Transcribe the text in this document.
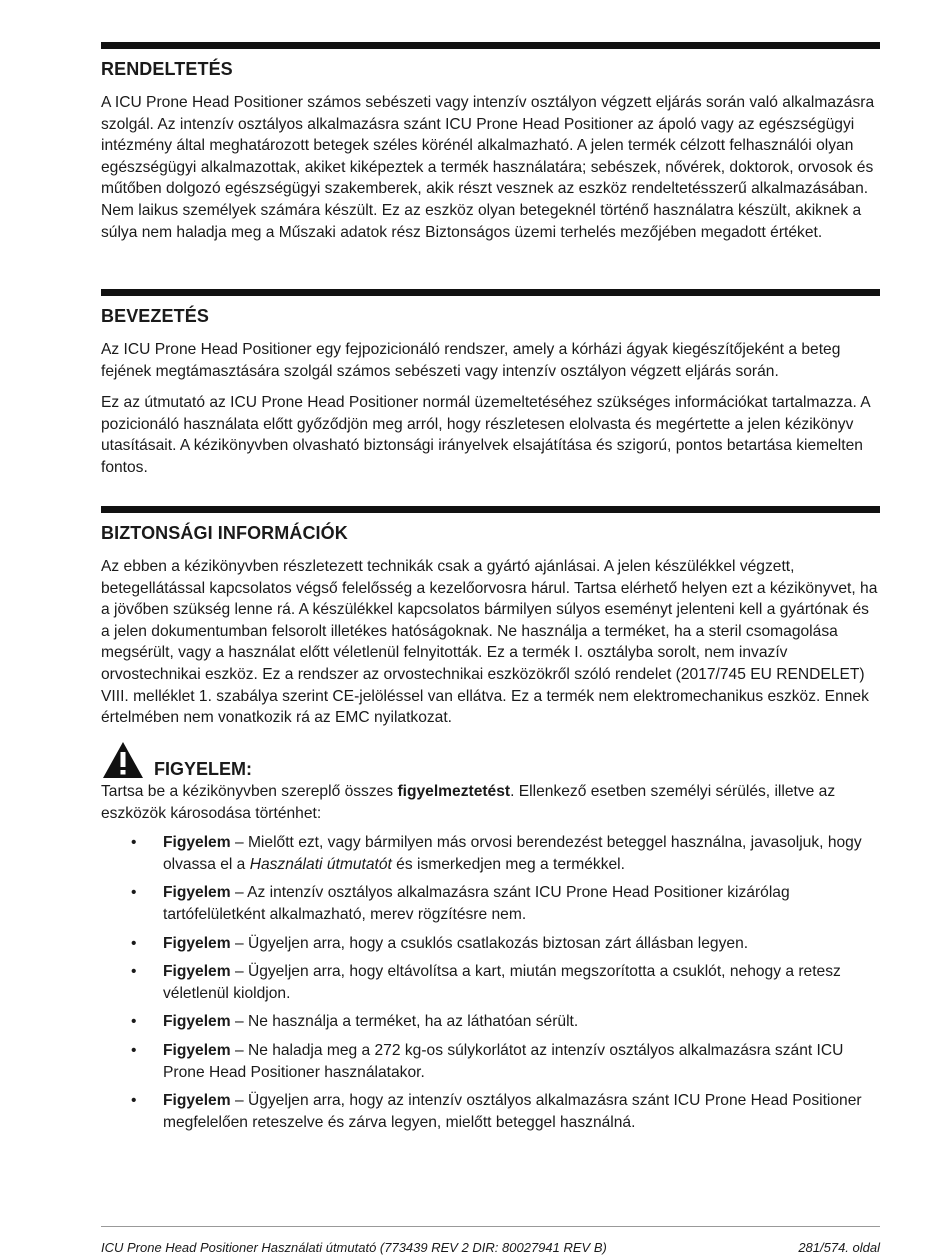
RENDELTETÉS

A ICU Prone Head Positioner számos sebészeti vagy intenzív osztályon végzett eljárás során való alkalmazásra szolgál. Az intenzív osztályos alkalmazásra szánt ICU Prone Head Positioner az ápoló vagy az egészségügyi intézmény által meghatározott betegek széles körénél alkalmazható. A jelen termék célzott felhasználói olyan egészségügyi alkalmazottak, akiket kiképeztek a termék használatára; sebészek, nővérek, doktorok, orvosok és műtőben dolgozó egészségügyi szakemberek, akik részt vesznek az eszköz rendeltetésszerű alkalmazásában. Nem laikus személyek számára készült. Ez az eszköz olyan betegeknél történő használatra készült, akiknek a súlya nem haladja meg a Műszaki adatok rész Biztonságos üzemi terhelés mezőjében megadott értéket.

BEVEZETÉS

Az ICU Prone Head Positioner egy fejpozicionáló rendszer, amely a kórházi ágyak kiegészítőjeként a beteg fejének megtámasztására szolgál számos sebészeti vagy intenzív osztályon végzett eljárás során.

Ez az útmutató az ICU Prone Head Positioner normál üzemeltetéséhez szükséges információkat tartalmazza. A pozicionáló használata előtt győződjön meg arról, hogy részletesen elolvasta és megértette a jelen kézikönyv utasításait. A kézikönyvben olvasható biztonsági irányelvek elsajátítása és szigorú, pontos betartása kiemelten fontos.

BIZTONSÁGI INFORMÁCIÓK

Az ebben a kézikönyvben részletezett technikák csak a gyártó ajánlásai. A jelen készülékkel végzett, betegellátással kapcsolatos végső felelősség a kezelőorvosra hárul. Tartsa elérhető helyen ezt a kézikönyvet, ha a jövőben szükség lenne rá. A készülékkel kapcsolatos bármilyen súlyos eseményt jelenteni kell a gyártónak és a jelen dokumentumban felsorolt illetékes hatóságoknak. Ne használja a terméket, ha a steril csomagolása megsérült, vagy a használat előtt véletlenül felnyitották. Ez a termék I. osztályba sorolt, nem invazív orvostechnikai eszköz. Ez a rendszer az orvostechnikai eszközökről szóló rendelet (2017/745 EU RENDELET) VIII. melléklet 1. szabálya szerint CE-jelöléssel van ellátva. Ez a termék nem elektromechanikus eszköz. Ennek értelmében nem vonatkozik rá az EMC nyilatkozat.

FIGYELEM:

Tartsa be a kézikönyvben szereplő összes figyelmeztetést. Ellenkező esetben személyi sérülés, illetve az eszközök károsodása történhet:

• Figyelem – Mielőtt ezt, vagy bármilyen más orvosi berendezést beteggel használna, javasoljuk, hogy olvassa el a Használati útmutatót és ismerkedjen meg a termékkel.
• Figyelem – Az intenzív osztályos alkalmazásra szánt ICU Prone Head Positioner kizárólag tartófelületként alkalmazható, merev rögzítésre nem.
• Figyelem – Ügyeljen arra, hogy a csuklós csatlakozás biztosan zárt állásban legyen.
• Figyelem – Ügyeljen arra, hogy eltávolítsa a kart, miután megszorította a csuklót, nehogy a retesz véletlenül kioldjon.
• Figyelem – Ne használja a terméket, ha az láthatóan sérült.
• Figyelem – Ne haladja meg a 272 kg-os súlykorlátot az intenzív osztályos alkalmazásra szánt ICU Prone Head Positioner használatakor.
• Figyelem – Ügyeljen arra, hogy az intenzív osztályos alkalmazásra szánt ICU Prone Head Positioner megfelelően reteszelve és zárva legyen, mielőtt beteggel használná.
ICU Prone Head Positioner Használati útmutató (773439 REV 2 DIR: 80027941 REV B)	281/574. oldal
